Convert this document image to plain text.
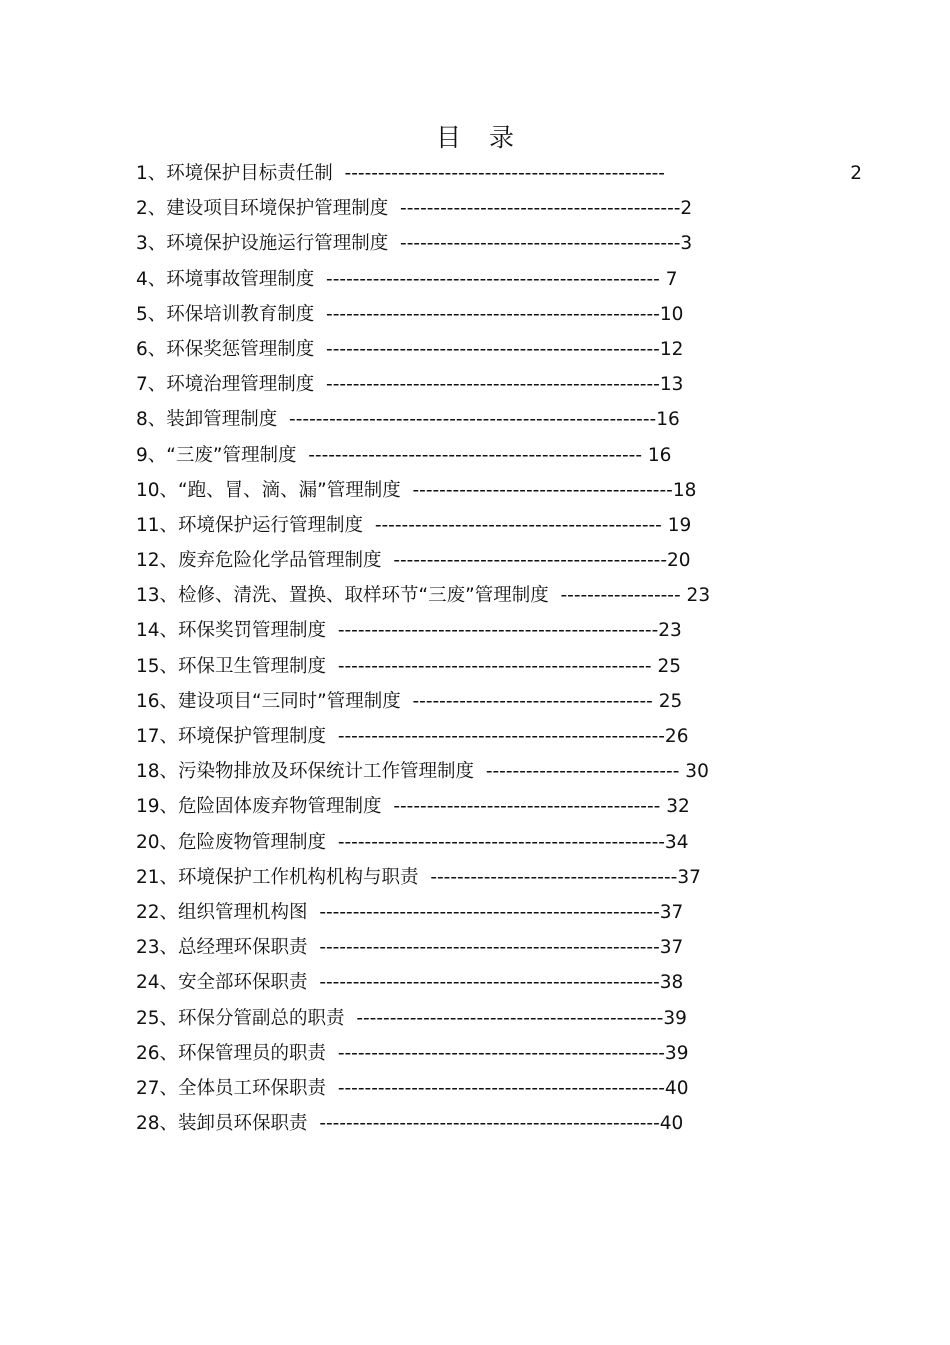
目录
1、环境保护目标责任制 ------------------------------------------------	2
2、建设项目环境保护管理制度 ------------------------------------------2
3、环境保护设施运行管理制度 ------------------------------------------3
4、环境事故管理制度 -------------------------------------------------- 7
5、环保培训教育制度 --------------------------------------------------10
6、环保奖惩管理制度 --------------------------------------------------12
7、环境治理管理制度 --------------------------------------------------13
8、装卸管理制度 -------------------------------------------------------16
9、“三废”管理制度 -------------------------------------------------- 16
10、“跑、冒、滴、漏”管理制度 ---------------------------------------18
11、环境保护运行管理制度 ------------------------------------------- 19
12、废弃危险化学品管理制度 -----------------------------------------20
13、检修、清洗、置换、取样环节“三废”管理制度 ------------------ 23
14、环保奖罚管理制度 ------------------------------------------------23
15、环保卫生管理制度 ----------------------------------------------- 25
16、建设项目“三同时”管理制度 ------------------------------------ 25
17、环境保护管理制度 -------------------------------------------------26
18、污染物排放及环保统计工作管理制度 ----------------------------- 30
19、危险固体废弃物管理制度 ---------------------------------------- 32
20、危险废物管理制度 -------------------------------------------------34
21、环境保护工作机构机构与职责 -------------------------------------37
22、组织管理机构图 ---------------------------------------------------37
23、总经理环保职责 ---------------------------------------------------37
24、安全部环保职责 ---------------------------------------------------38
25、环保分管副总的职责 ----------------------------------------------39
26、环保管理员的职责 -------------------------------------------------39
27、全体员工环保职责 -------------------------------------------------40
28、装卸员环保职责 ---------------------------------------------------40
